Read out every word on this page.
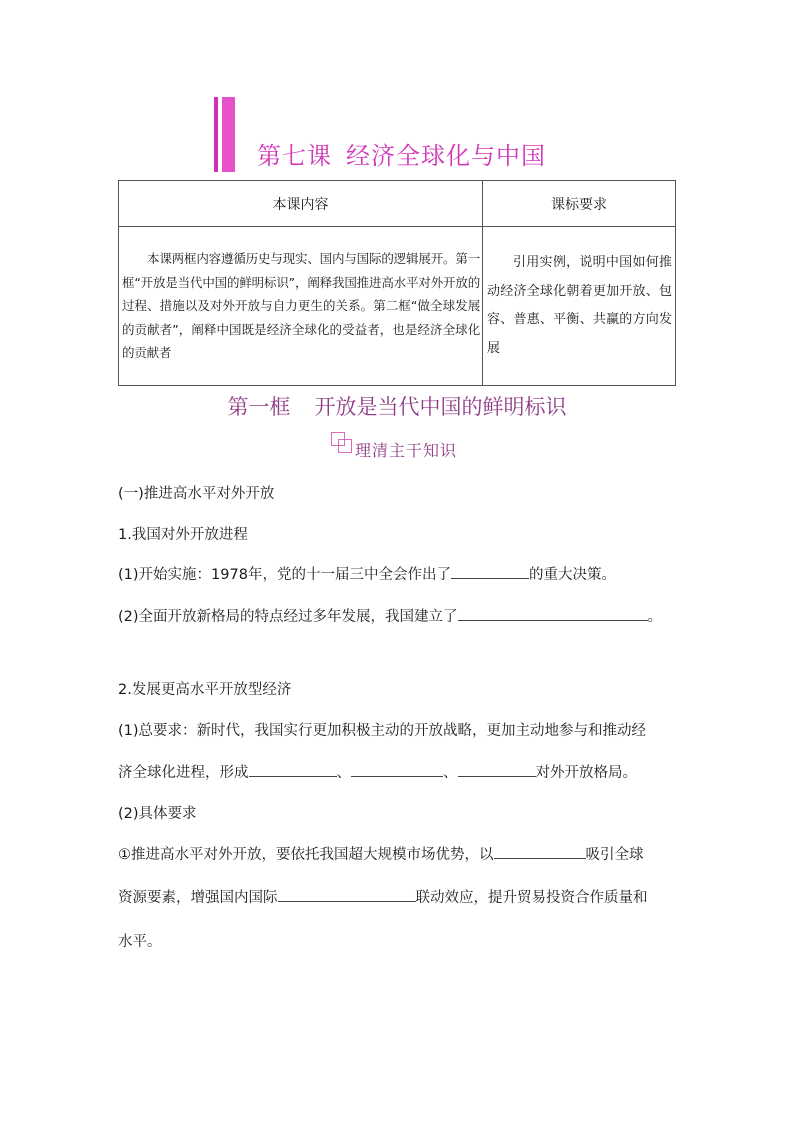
第七课 经济全球化与中国
本课内容	课标要求
本课两框内容遵循历史与现实、国内与国际的逻辑展开。第一框“开放是当代中国的鲜明标识”，阐释我国推进高水平对外开放的过程、措施以及对外开放与自力更生的关系。第二框“做全球发展的贡献者”，阐释中国既是经济全球化的受益者，也是经济全球化的贡献者	引用实例，说明中国如何推动经济全球化朝着更加开放、包容、普惠、平衡、共赢的方向发展
第一框 开放是当代中国的鲜明标识
理清主干知识
(一)推进高水平对外开放
1.我国对外开放进程
(1)开始实施：1978年，党的十一届三中全会作出了	的重大决策。
(2)全面开放新格局的特点经过多年发展，我国建立了	。
2.发展更高水平开放型经济
(1)总要求：新时代，我国实行更加积极主动的开放战略，更加主动地参与和推动经
济全球化进程，形成	、	、	对外开放格局。
(2)具体要求
①推进高水平对外开放，要依托我国超大规模市场优势，以	吸引全球
资源要素，增强国内国际	联动效应，提升贸易投资合作质量和
水平。
